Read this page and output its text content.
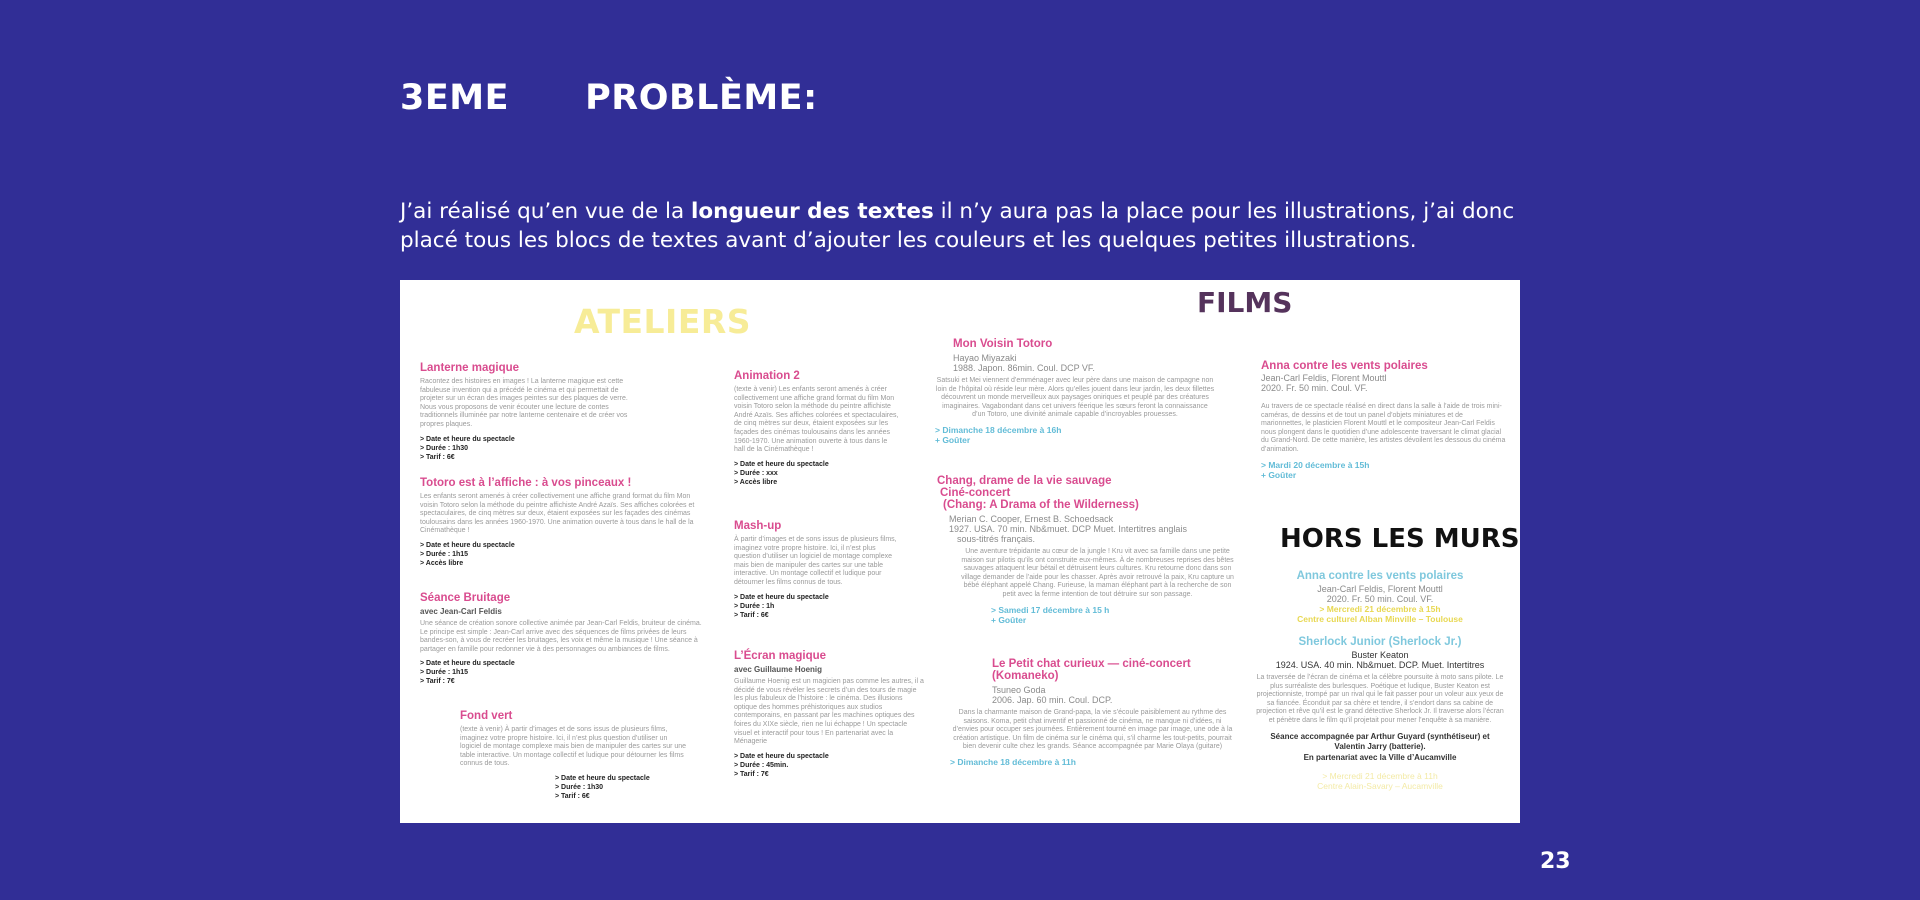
3EME      PROBLÈME:
J’ai réalisé qu’en vue de la longueur des textes il n’y aura pas la place pour les illustrations, j’ai donc placé tous les blocs de textes avant d’ajouter les couleurs et les quelques petites illustrations.
ATELIERS
Lanterne magique
Racontez des histoires en images ! La lanterne magique est cette fabuleuse invention qui a précédé le cinéma et qui permettait de projeter sur un écran des images peintes sur des plaques de verre. Nous vous proposons de venir écouter une lecture de contes traditionnels illuminée par notre lanterne centenaire et de créer vos propres plaques.
> Date et heure du spectacle
> Durée : 1h30
> Tarif : 6€
Totoro est à l’affiche : à vos pinceaux !
Les enfants seront amenés à créer collectivement une affiche grand format du film Mon voisin Totoro selon la méthode du peintre affichiste André Azaïs. Ses affiches colorées et spectaculaires, de cinq mètres sur deux, étaient exposées sur les façades des cinémas toulousains dans les années 1960-1970. Une animation ouverte à tous dans le hall de la Cinémathèque !
> Date et heure du spectacle
> Durée : 1h15
> Accès libre
Séance Bruitage
avec Jean-Carl Feldis
Une séance de création sonore collective animée par Jean-Carl Feldis, bruiteur de cinéma. Le principe est simple : Jean-Carl arrive avec des séquences de films privées de leurs bandes-son, à vous de recréer les bruitages, les voix et même la musique ! Une séance à partager en famille pour redonner vie à des personnages ou ambiances de films.
> Date et heure du spectacle
> Durée : 1h15
> Tarif : 7€
Fond vert
(texte à venir) À partir d’images et de sons issus de plusieurs films, imaginez votre propre histoire. Ici, il n’est plus question d’utiliser un logiciel de montage complexe mais bien de manipuler des cartes sur une table interactive. Un montage collectif et ludique pour détourner les films connus de tous.
> Date et heure du spectacle
> Durée : 1h30
> Tarif : 6€
Animation 2
(texte à venir) Les enfants seront amenés à créer collectivement une affiche grand format du film Mon voisin Totoro selon la méthode du peintre affichiste André Azaïs. Ses affiches colorées et spectaculaires, de cinq mètres sur deux, étaient exposées sur les façades des cinémas toulousains dans les années 1960-1970. Une animation ouverte à tous dans le hall de la Cinémathèque !
> Date et heure du spectacle
> Durée : xxx
> Accès libre
Mash-up
À partir d’images et de sons issus de plusieurs films, imaginez votre propre histoire. Ici, il n’est plus question d’utiliser un logiciel de montage complexe mais bien de manipuler des cartes sur une table interactive. Un montage collectif et ludique pour détourner les films connus de tous.
> Date et heure du spectacle
> Durée : 1h
> Tarif : 6€
L’Écran magique
avec Guillaume Hoenig
Guillaume Hoenig est un magicien pas comme les autres, il a décidé de vous révéler les secrets d’un des tours de magie les plus fabuleux de l’histoire : le cinéma. Des illusions optique des hommes préhistoriques aux studios contemporains, en passant par les machines optiques des foires du XIXe siècle, rien ne lui échappe ! Un spectacle visuel et interactif pour tous ! En partenariat avec la Ménagerie
> Date et heure du spectacle
> Durée : 45min.
> Tarif : 7€
FILMS
Mon Voisin Totoro
Hayao Miyazaki
1988. Japon. 86min. Coul. DCP VF.
Satsuki et Mei viennent d’emménager avec leur père dans une maison de campagne non loin de l’hôpital où réside leur mère. Alors qu’elles jouent dans leur jardin, les deux fillettes découvrent un monde merveilleux aux paysages oniriques et peuplé par des créatures imaginaires. Vagabondant dans cet univers féerique les sœurs feront la connaissance d’un Totoro, une divinité animale capable d’incroyables prouesses.
> Dimanche 18 décembre à 16h
+ Goûter
Chang, drame de la vie sauvage
Ciné-concert
(Chang: A Drama of the Wilderness)
Merian C. Cooper, Ernest B. Schoedsack
1927. USA. 70 min. Nb&muet. DCP Muet. Intertitres anglais
sous-titrés français.
Une aventure trépidante au cœur de la jungle ! Kru vit avec sa famille dans une petite maison sur pilotis qu’ils ont construite eux-mêmes. À de nombreuses reprises des bêtes sauvages attaquent leur bétail et détruisent leurs cultures. Kru retourne donc dans son village demander de l’aide pour les chasser. Après avoir retrouvé la paix, Kru capture un bébé éléphant appelé Chang. Furieuse, la maman éléphant part à la recherche de son petit avec la ferme intention de tout détruire sur son passage.
> Samedi 17 décembre à 15 h
+ Goûter
Le Petit chat curieux — ciné-concert
(Komaneko)
Tsuneo Goda
2006. Jap. 60 min. Coul. DCP.
Dans la charmante maison de Grand-papa, la vie s’écoule paisiblement au rythme des saisons. Koma, petit chat inventif et passionné de cinéma, ne manque ni d’idées, ni d’envies pour occuper ses journées. Entièrement tourné en image par image, une ode à la création artistique. Un film de cinéma sur le cinéma qui, s’il charme les tout-petits, pourrait bien devenir culte chez les grands. Séance accompagnée par Marie Olaya (guitare)
> Dimanche 18 décembre à 11h
Anna contre les vents polaires
Jean-Carl Feldis, Florent Mouttl
2020. Fr. 50 min. Coul. VF.
Au travers de ce spectacle réalisé en direct dans la salle à l’aide de trois mini-caméras, de dessins et de tout un panel d’objets miniatures et de marionnettes, le plasticien Florent Mouttl et le compositeur Jean-Carl Feldis nous plongent dans le quotidien d’une adolescente traversant le climat glacial du Grand-Nord. De cette manière, les artistes dévoilent les dessous du cinéma d’animation.
> Mardi 20 décembre à 15h
+ Goûter
HORS LES MURS
Anna contre les vents polaires
Jean-Carl Feldis, Florent Mouttl
2020. Fr. 50 min. Coul. VF.
> Mercredi 21 décembre à 15h
Centre culturel Alban Minville – Toulouse
Sherlock Junior (Sherlock Jr.)
Buster Keaton
1924. USA. 40 min. Nb&muet. DCP. Muet. Intertitres
La traversée de l’écran de cinéma et la célèbre poursuite à moto sans pilote. Le plus surréaliste des burlesques. Poétique et ludique, Buster Keaton est projectionniste, trompé par un rival qui le fait passer pour un voleur aux yeux de sa fiancée. Éconduit par sa chère et tendre, il s’endort dans sa cabine de projection et rêve qu’il est le grand détective Sherlock Jr. Il traverse alors l’écran et pénètre dans le film qu’il projetait pour mener l’enquête à sa manière.
Séance accompagnée par Arthur Guyard (synthétiseur) et Valentin Jarry (batterie).
En partenariat avec la Ville d’Aucamville
> Mercredi 21 décembre à 11h
Centre Alain-Savary – Aucamville
23
